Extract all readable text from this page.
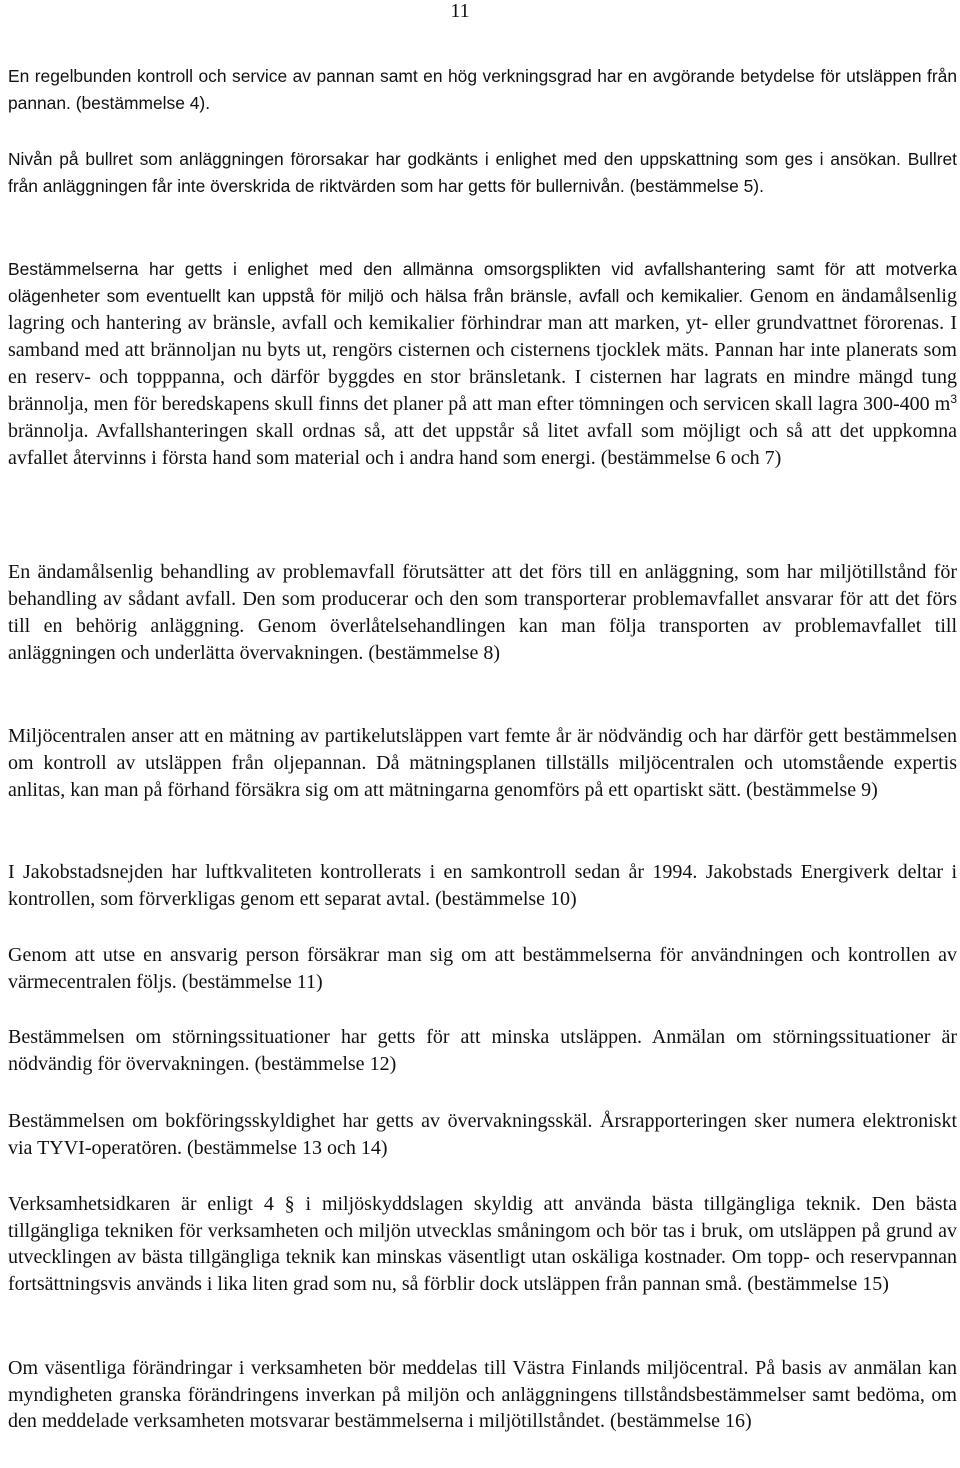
11

En regelbunden kontroll och service av pannan samt en hög verkningsgrad har en avgörande betydelse för utsläppen från pannan. (bestämmelse 4).

Nivån på bullret som anläggningen förorsakar har godkänts i enlighet med den uppskattning som ges i ansökan. Bullret från anläggningen får inte överskrida de riktvärden som har getts för bullernivån. (bestämmelse 5).

Bestämmelserna har getts i enlighet med den allmänna omsorgsplikten vid avfallshantering samt för att motverka olägenheter som eventuellt kan uppstå för miljö och hälsa från bränsle, avfall och kemikalier. Genom en ändamålsenlig lagring och hantering av bränsle, avfall och kemikalier förhindrar man att marken, yt- eller grundvattnet förorenas. I samband med att brännoljan nu byts ut, rengörs cisternen och cisternens tjocklek mäts. Pannan har inte planerats som en reserv- och topppanna, och därför byggdes en stor bränsletank. I cisternen har lagrats en mindre mängd tung brännolja, men för beredskapens skull finns det planer på att man efter tömningen och servicen skall lagra 300-400 $m^3$ brännolja. Avfallshanteringen skall ordnas så, att det uppstår så litet avfall som möjligt och så att det uppkomna avfallet återvinns i första hand som material och i andra hand som energi. (bestämmelse 6 och 7)

En ändamålsenlig behandling av problemavfall förutsätter att det förs till en anläggning, som har miljötillstånd för behandling av sådant avfall. Den som producerar och den som transporterar problemavfallet ansvarar för att det förs till en behörig anläggning. Genom överlåtelsehandlingen kan man följa transporten av problemavfallet till anläggningen och underlätta övervakningen. (bestämmelse 8)

Miljöcentralen anser att en mätning av partikelutsläppen vart femte år är nödvändig och har därför gett bestämmelsen om kontroll av utsläppen från oljepannan. Då mätningsplanen tillställs miljöcentralen och utomstående expertis anlitas, kan man på förhand försäkra sig om att mätningarna genomförs på ett opartiskt sätt. (bestämmelse 9)

I Jakobstadsnejden har luftkvaliteten kontrollerats i en samkontroll sedan år 1994. Jakobstads Energiverk deltar i kontrollen, som förverkligas genom ett separat avtal. (bestämmelse 10)

Genom att utse en ansvarig person försäkrar man sig om att bestämmelserna för användningen och kontrollen av värmecentralen följs. (bestämmelse 11)

Bestämmelsen om störningssituationer har getts för att minska utsläppen. Anmälan om störningssituationer är nödvändig för övervakningen. (bestämmelse 12)

Bestämmelsen om bokföringsskyldighet har getts av övervakningsskäl. Årsrapporteringen sker numera elektroniskt via TYVI-operatören. (bestämmelse 13 och 14)

Verksamhetsidkaren är enligt 4 § i miljöskyddslagen skyldig att använda bästa tillgängliga teknik. Den bästa tillgängliga tekniken för verksamheten och miljön utvecklas småningom och bör tas i bruk, om utsläppen på grund av utvecklingen av bästa tillgängliga teknik kan minskas väsentligt utan oskäliga kostnader. Om topp- och reservpannan fortsättningsvis används i lika liten grad som nu, så förblir dock utsläppen från pannan små. (bestämmelse 15)

Om väsentliga förändringar i verksamheten bör meddelas till Västra Finlands miljöcentral. På basis av anmälan kan myndigheten granska förändringens inverkan på miljön och anläggningens tillståndsbestämmelser samt bedöma, om den meddelade verksamheten motsvarar bestämmelserna i miljötillståndet. (bestämmelse 16)
